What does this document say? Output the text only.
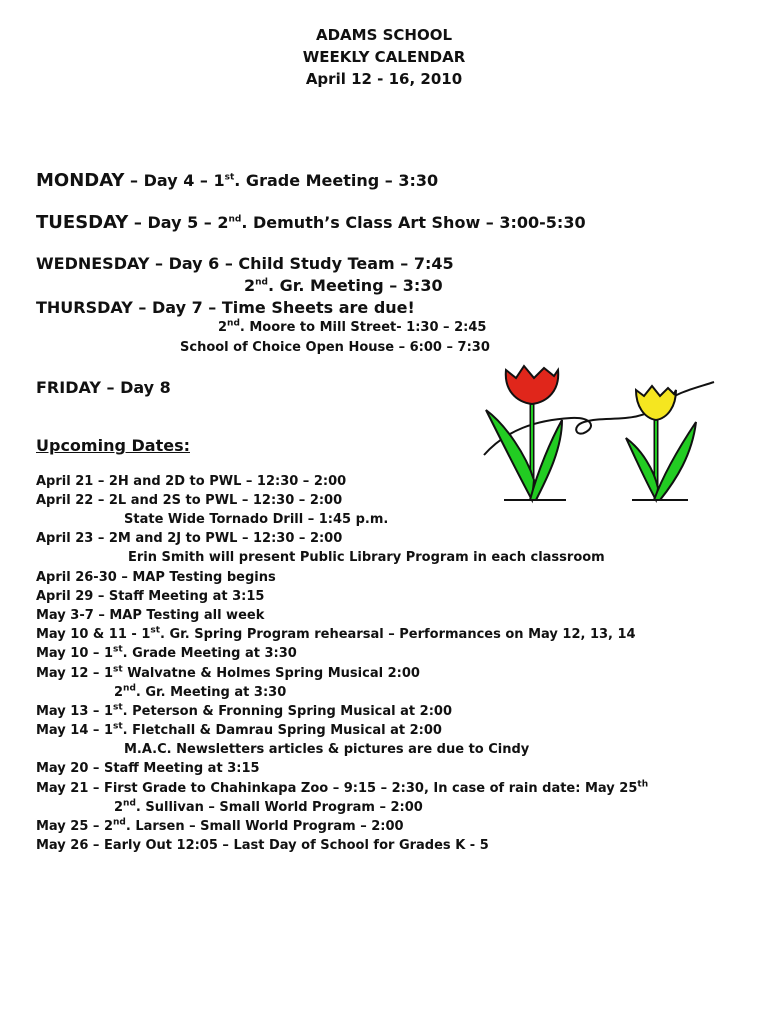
ADAMS SCHOOL
WEEKLY CALENDAR
April 12 - 16, 2010
MONDAY – Day 4 – 1st. Grade Meeting – 3:30
TUESDAY – Day 5 – 2nd. Demuth’s Class Art Show – 3:00-5:30
WEDNESDAY – Day 6 – Child Study Team – 7:45
2nd. Gr. Meeting – 3:30
THURSDAY – Day 7 – Time Sheets are due!
2nd. Moore to Mill Street- 1:30 – 2:45
School of Choice Open House – 6:00 – 7:30
FRIDAY – Day 8
Upcoming Dates:
April 21 – 2H and 2D to PWL – 12:30 – 2:00
April 22 – 2L and 2S to PWL – 12:30 – 2:00
State Wide Tornado Drill – 1:45 p.m.
April 23 – 2M and 2J to PWL – 12:30 – 2:00
Erin Smith will present Public Library Program in each classroom
April 26-30 – MAP Testing begins
April 29 – Staff Meeting at 3:15
May 3-7 – MAP Testing all week
May 10 & 11 - 1st. Gr. Spring Program rehearsal – Performances on May 12, 13, 14
May 10 – 1st. Grade Meeting at 3:30
May 12 – 1st Walvatne & Holmes Spring Musical 2:00
2nd. Gr. Meeting at 3:30
May 13 – 1st. Peterson & Fronning Spring Musical at 2:00
May 14 – 1st. Fletchall & Damrau Spring Musical at 2:00
M.A.C. Newsletters articles & pictures are due to Cindy
May 20 – Staff Meeting at 3:15
May 21 – First Grade to Chahinkapa Zoo – 9:15 – 2:30, In case of rain date: May 25th
2nd. Sullivan – Small World Program – 2:00
May 25 – 2nd. Larsen – Small World Program – 2:00
May 26 – Early Out 12:05 – Last Day of School for Grades K - 5
